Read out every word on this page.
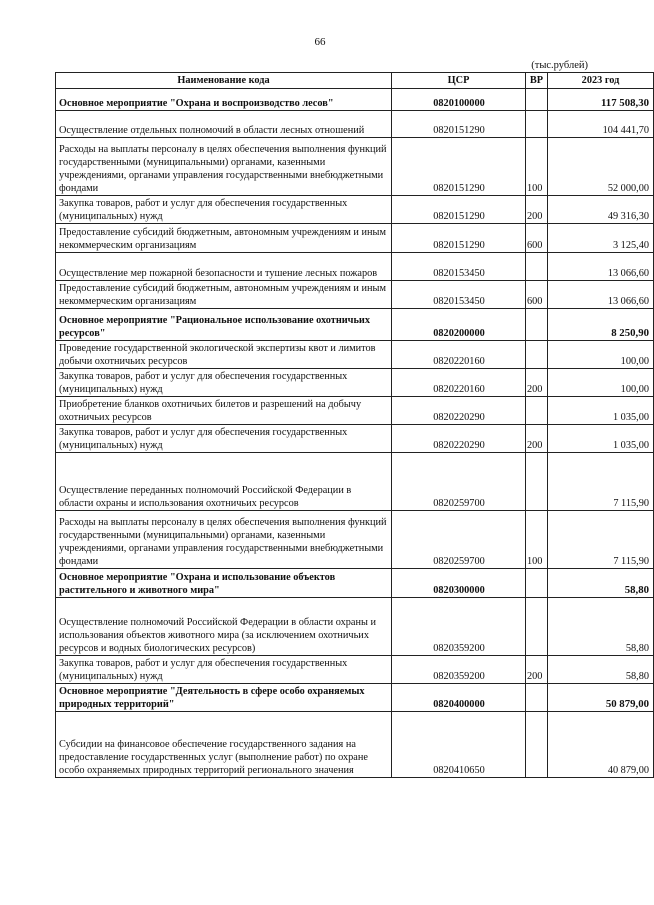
66
(тыс.рублей)
Наименование кода	ЦСР	ВР	2023 год
Основное мероприятие "Охрана и воспроизводство лесов"	0820100000		117 508,30
Осуществление отдельных полномочий в области лесных отношений	0820151290		104 441,70
Расходы на выплаты персоналу в целях обеспечения выполнения функций государственными (муниципальными) органами, казенными учреждениями, органами управления государственными внебюджетными фондами	0820151290	100	52 000,00
Закупка товаров, работ и услуг для обеспечения государственных (муниципальных) нужд	0820151290	200	49 316,30
Предоставление субсидий бюджетным, автономным учреждениям и иным некоммерческим организациям	0820151290	600	3 125,40
Осуществление мер пожарной безопасности и тушение лесных пожаров	0820153450		13 066,60
Предоставление субсидий бюджетным, автономным учреждениям и иным некоммерческим организациям	0820153450	600	13 066,60
Основное мероприятие "Рациональное использование охотничьих ресурсов"	0820200000		8 250,90
Проведение государственной экологической экспертизы квот и лимитов добычи охотничьих ресурсов	0820220160		100,00
Закупка товаров, работ и услуг для обеспечения государственных (муниципальных) нужд	0820220160	200	100,00
Приобретение бланков охотничьих билетов и разрешений на добычу охотничьих ресурсов	0820220290		1 035,00
Закупка товаров, работ и услуг для обеспечения государственных (муниципальных) нужд	0820220290	200	1 035,00
Осуществление переданных полномочий Российской Федерации в области охраны и использования охотничьих ресурсов	0820259700		7 115,90
Расходы на выплаты персоналу в целях обеспечения выполнения функций государственными (муниципальными) органами, казенными учреждениями, органами управления государственными внебюджетными фондами	0820259700	100	7 115,90
Основное мероприятие "Охрана и использование объектов растительного и животного мира"	0820300000		58,80
Осуществление полномочий Российской Федерации в области охраны и использования объектов животного мира (за исключением охотничьих ресурсов и водных биологических ресурсов)	0820359200		58,80
Закупка товаров, работ и услуг для обеспечения государственных (муниципальных) нужд	0820359200	200	58,80
Основное мероприятие "Деятельность в сфере особо охраняемых природных территорий"	0820400000		50 879,00
Субсидии на финансовое обеспечение государственного задания на предоставление государственных услуг (выполнение работ) по охране особо охраняемых природных территорий регионального значения	0820410650		40 879,00
